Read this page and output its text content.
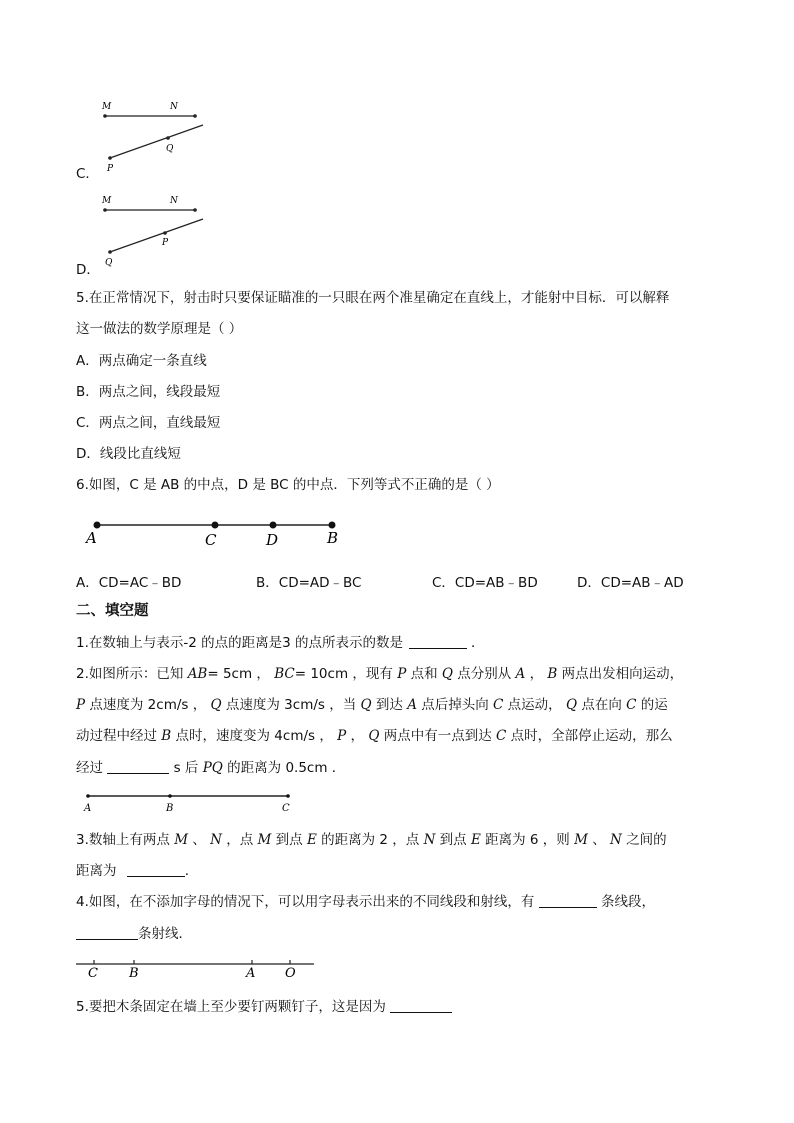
M	N
P
Q
C．
M	N
Q
P
D．
5.在正常情况下，射击时只要保证瞄准的一只眼在两个准星确定在直线上，才能射中目标．可以解释
这一做法的数学原理是（ ）
A．两点确定一条直线
B．两点之间，线段最短
C．两点之间，直线最短
D．线段比直线短
6.如图，C 是 AB 的中点，D 是 BC 的中点．下列等式不正确的是（ ）
A	C	D	B
A．CD=AC﹣BD	B．CD=AD﹣BC	C．CD=AB﹣BD	D．CD=AB﹣AD
二、填空题
1.在数轴上与表示-2 的点的距离是3 的点所表示的数是	．
2.如图所示：已知 AB= 5cm ， BC= 10cm ，现有 P 点和 Q 点分别从 A ， B 两点出发相向运动，
P 点速度为 2cm/s ， Q 点速度为 3cm/s ，当 Q 到达 A 点后掉头向 C 点运动， Q 点在向 C 的运
动过程中经过 B 点时，速度变为 4cm/s ， P ， Q 两点中有一点到达 C 点时，全部停止运动，那么
经过	s 后 PQ 的距离为 0.5cm ．
A	B	C
3.数轴上有两点 M 、 N ，点 M 到点 E 的距离为 2 ，点 N 到点 E 距离为 6 ，则 M 、 N 之间的
距离为	.
4.如图，在不添加字母的情况下，可以用字母表示出来的不同线段和射线，有	条线段，
条射线．
C B	A O
5.要把木条固定在墙上至少要钉两颗钉子，这是因为
